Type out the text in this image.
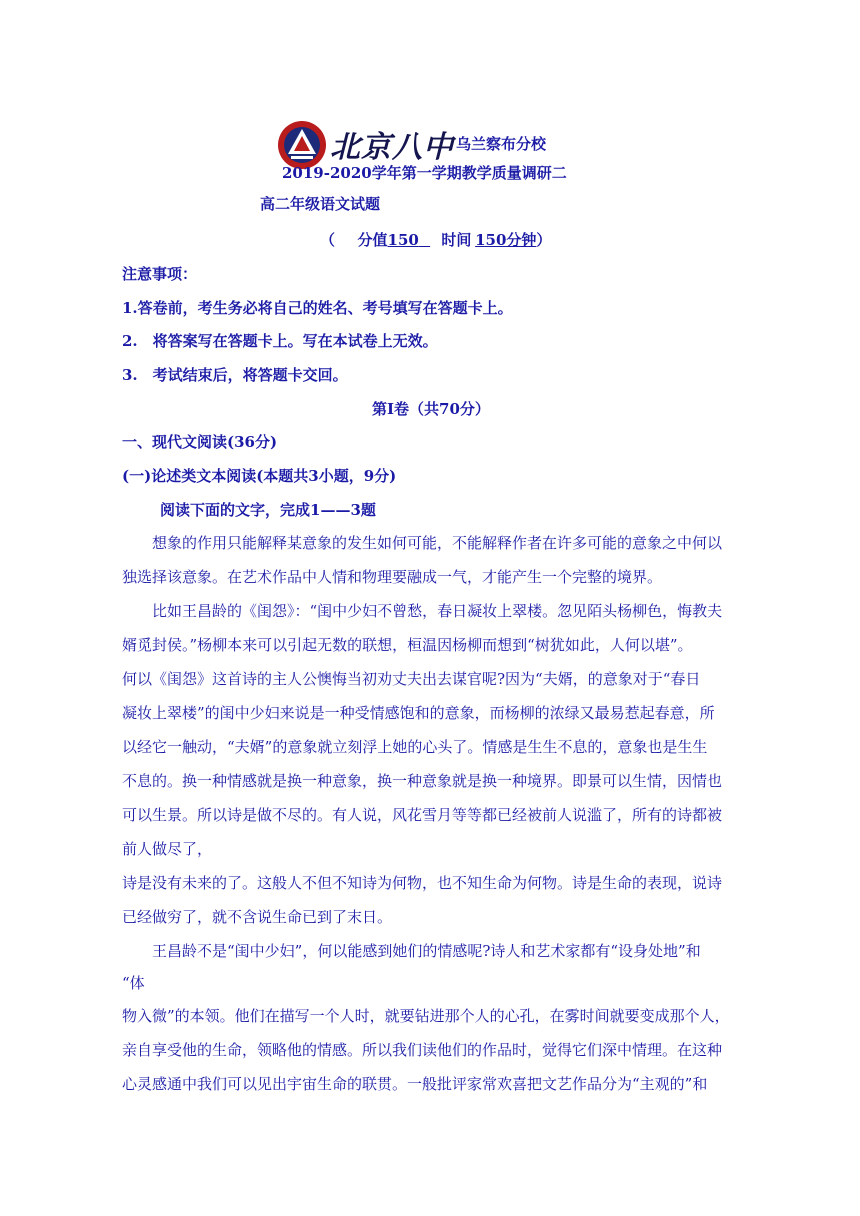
北京八中 乌兰察布分校
2019-2020学年第一学期教学质量调研二
高二年级语文试题
（   分值150     时间  150分钟）
注意事项：
1.答卷前，考生务必将自己的姓名、考号填写在答题卡上。
2.　将答案写在答题卡上。写在本试卷上无效。
3.　考试结束后，将答题卡交回。
第Ⅰ卷（共70分）
一、现代文阅读(36分)
(一)论述类文本阅读(本题共3小题，9分)
阅读下面的文字，完成1——3题
想象的作用只能解释某意象的发生如何可能，不能解释作者在许多可能的意象之中何以
独选择该意象。在艺术作品中人情和物理要融成一气，才能产生一个完整的境界。
比如王昌龄的《闺怨》：“闺中少妇不曾愁，春日凝妆上翠楼。忽见陌头杨柳色，悔教夫
婿觅封侯。”杨柳本来可以引起无数的联想，桓温因杨柳而想到“树犹如此，人何以堪”。
何以《闺怨》这首诗的主人公懊悔当初劝丈夫出去谋官呢?因为“夫婿，的意象对于“春日
凝妆上翠楼”的闺中少妇来说是一种受情感饱和的意象，而杨柳的浓绿又最易惹起春意，所
以经它一触动，“夫婿”的意象就立刻浮上她的心头了。情感是生生不息的，意象也是生生
不息的。换一种情感就是换一种意象，换一种意象就是换一种境界。即景可以生情，因情也
可以生景。所以诗是做不尽的。有人说，风花雪月等等都已经被前人说滥了，所有的诗都被
前人做尽了，
诗是没有未来的了。这般人不但不知诗为何物，也不知生命为何物。诗是生命的表现，说诗
已经做穷了，就不含说生命已到了末日。
王昌龄不是“闺中少妇”，何以能感到她们的情感呢?诗人和艺术家都有“设身处地”和
“体
物入微”的本领。他们在描写一个人时，就要钻进那个人的心孔，在雾时间就要变成那个人，
亲自享受他的生命，领略他的情感。所以我们读他们的作品时，觉得它们深中情理。在这种
心灵感通中我们可以见出宇宙生命的联贯。一般批评家常欢喜把文艺作品分为“主观的”和
